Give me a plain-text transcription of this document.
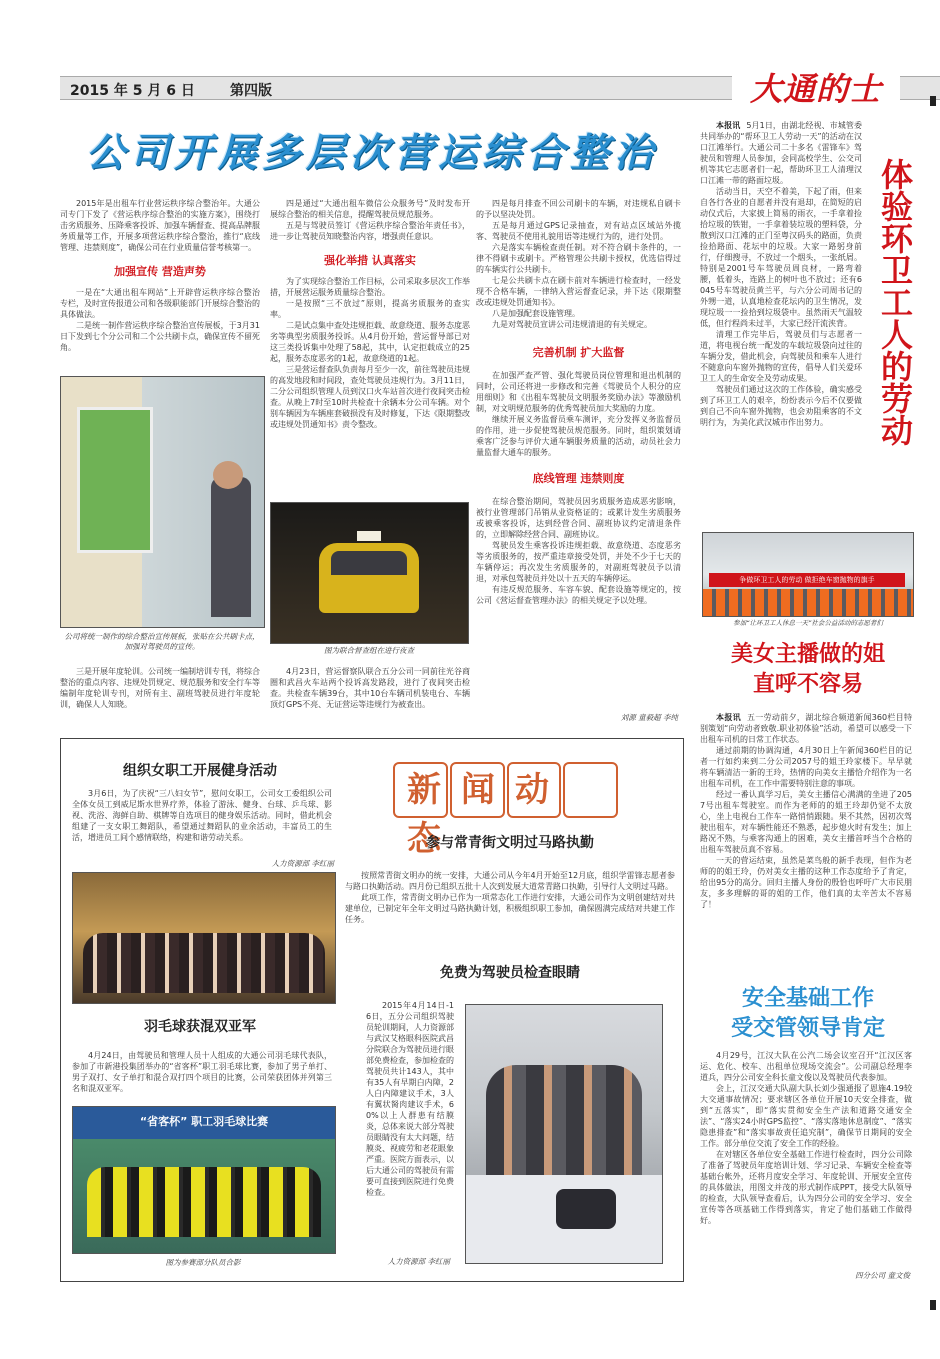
2015 年 5 月 6 日	第四版	大通的士
公司开展多层次营运综合整治

2015年是出租车行业营运秩序综合整治年。大通公司专门下发了《营运秩序综合整治的实施方案》，围绕打击劣质服务、压降乘客投诉、加强车辆督查、提高品牌服务质量等工作，开展多项营运秩序综合整治，推行“底线管理、违禁则度”，确保公司在行业质量信誉考核第一。

加强宣传 营造声势

一是在“大通出租车网站”上开辟营运秩序综合整治专栏，及时宣传报道公司和各级职能部门开展综合整治的具体做法。

二是统一制作营运秩序综合整治宣传展板，于3月31日下发到七个分公司和二个公共刷卡点，确保宣传不留死角。

公司将统一制作的综合整治宣传展板，张贴在公共刷卡点，加强对驾驶员的宣传。

三是开展年度轮训。公司统一编制培训专刊，将综合整治的重点内容、违规处罚规定、规范服务和安全行车等编制年度轮训专刊，对所有主、副班驾驶员进行年度轮训，确保人人知晓。

四是通过“大通出租车微信公众服务号”及时发布开展综合整治的相关信息，提醒驾驶员规范服务。

五是与驾驶员签订《营运秩序综合整治年责任书》，进一步让驾驶员知晓整治内容，增强责任意识。

强化举措 认真落实

为了实现综合整治工作目标，公司采取多层次工作举措，开展营运服务质量综合整治。

一是按照“三不放过”原则，提高劣质服务的查实率。

二是试点集中查处违规拒载、故意绕道、服务态度恶劣等典型劣质服务投诉。从4月份开始，营运督导部已对这三类投诉集中处理了58起，其中，认定拒载成立的25起，服务态度恶劣的1起，故意绕道的1起。

三是营运督查队负责每月至少一次，前往驾驶员违规的高发地段和时间段，查处驾驶员违规行为。3月11日，二分公司组织管理人员到汉口火车站首次进行夜间突击检查。从晚上7时至10时共检查十余辆本分公司车辆。对个别车辆因为车辆座套破损没有及时修复，下达《限期整改或违规处罚通知书》责令整改。

图为联合督查组在进行夜查

4月23日，营运督察队联合五分公司一同前往光谷商圈和武昌火车站两个投诉高发路段，进行了夜间突击检查。共检查车辆39台，其中10台车辆司机装电台、车辆顶灯GPS不亮、无证营运等违规行为被查出。

四是每月排查不回公司刷卡的车辆，对违规私自刷卡的予以坚决处罚。

五是每月通过GPS记录抽查，对有站点区域站外揽客、驾驶员不使用礼貌用语等违规行为的，进行处罚。

六是落实车辆检查责任制。对不符合刷卡条件的，一律不得刷卡或刷卡。严格管理公共刷卡授权，优选信得过的车辆实行公共刷卡。

七是公共刷卡点在刷卡前对车辆进行检查时，一经发现不合格车辆，一律纳入营运督查记录，并下达《限期整改或违规处罚通知书》。

八是加强配套设施管理。

九是对驾驶员宣讲公司违规清退的有关规定。

完善机制 扩大监督

在加强严查严管、强化驾驶员岗位管理和退出机制的同时，公司还将进一步修改和完善《驾驶员个人积分的应用细则》和《出租车驾驶员文明服务奖励办法》等激励机制，对文明规范服务的优秀驾驶员加大奖励的力度。

继续开展义务监督员乘车测评，充分发挥义务监督员的作用，进一步促使驾驶员规范服务。同时，组织策划请乘客广泛参与评价大通车辆服务质量的活动，动员社会力量监督大通车的服务。

底线管理 违禁则度

在综合整治期间，驾驶员因劣质服务造成恶劣影响，被行业管理部门吊销从业资格证的；或累计发生劣质服务或被乘客投诉，达到经营合同、副班协议约定清退条件的，立即解除经营合同、副班协议。

驾驶员发生乘客投诉违规拒载、故意绕道、态度恶劣等劣质服务的，按严重违章接受处罚，并处不少于七天的车辆停运；再次发生劣质服务的，对副班驾驶员予以清退，对承包驾驶员并处以十五天的车辆停运。

有违反规范服务、车容车貌、配套设施等规定的，按公司《营运督查管理办法》的相关规定予以处理。

刘源 童毅超 李纯

本报讯 5月1日，由湖北经视、市城管委共同举办的“帮环卫工人劳动一天”的活动在汉口江滩举行。大通公司二十多名《雷锋车》驾驶员和管理人员参加，会同高校学生、公交司机等其它志愿者们一起，帮助环卫工人清理汉口江滩一带的路面垃圾。

活动当日，天空不着美，下起了雨，但来自各行各业的自愿者并没有退却，在简短的启动仪式后，大家披上简易的雨衣，一手拿着捡拾垃圾的铁钳，一手拿着装垃圾的塑料袋，分散到汉口江滩的正门至粤汉码头的路面，负责捡拾路面、花坛中的垃圾。大家一路躬身前行，仔细搜寻，不放过一个烟头，一张纸屑。特别是2001号车驾驶员周良材，一路弯着腰，低着头，连路上的树叶也不放过；还有6045号车驾驶员黄兰平，与六分公司周书记的外甥一道，认真地检查花坛内的卫生情况，发现垃圾一一捡拾到垃圾袋中。虽然雨天气温较低，但行程尚未过半，大家已经汗流浃背。

清理工作完毕后，驾驶员们与志愿者一道，将电视台统一配发的车载垃圾袋向过往的车辆分发，借此机会，向驾驶员和乘车人进行不随意向车窗外抛物的宣传，倡导人们关爱环卫工人的生命安全及劳动成果。

驾驶员们通过这次的工作体验，确实感受到了环卫工人的艰辛，纷纷表示今后不仅要做到自己不向车窗外抛物，也会劝阻乘客的不文明行为，为美化武汉城市作出努力。	体验环卫工人的劳动
争做环卫工人的劳动 做拒绝车窗抛物的旗手
参加“让环卫工人休息一天”社会公益活动的志愿者们
美女主播做的姐
直呼不容易

本报讯 五一劳动前夕，湖北综合频道新闻360栏目特别策划“向劳动者致敬.职业初体验”活动，希望可以感受一下出租车司机的日常工作状态。

通过前期的协调沟通，4月30日上午新闻360栏目的记者一行如约来到二分公司2057号的姐王玲家楼下。早早就将车辆清洁一新的王玲，热情的向美女主播恰介绍作为一名出租车司机，在工作中需要特别注意的事项。

经过一番认真学习后，美女主播信心满满的坐进了2057号出租车驾驶室。而作为老师的的姐王玲却仍觉不太放心，坐上电视台工作车一路悄悄跟随。果不其然，因初次驾驶出租车，对车辆性能还不熟悉，起步熄火时有发生；加上路况不熟，与乘客沟通上的困难，美女主播首呼当个合格的出租车驾驶员真不容易。

一天的营运结束，虽然是菜鸟般的新手表现，但作为老师的的姐王玲，仍对美女主播的这种工作态度给予了肯定，给出95分的高分。回归主播人身份的殷恰也呼吁广大市民朋友，多多理解的哥的姐的工作，他们真的太辛苦太不容易了！

安全基础工作
受交管领导肯定

4月29号，江汉大队在公汽二场会议室召开“江汉区客运、危化、校车、出租单位现场交流会”。公司副总经理李道兵，四分公司安全科长童文俊以及驾驶员代表参加。

会上，江汉交通大队副大队长刘少强通报了恩施4.19较大交通事故情况；要求辖区各单位开展10天安全排查，做到“五落实”，即“落实贯彻安全生产法和道路交通安全法”、“落实24小时GPS监控”、“落实落地休息制度”、“落实隐患排查”和“落实事故责任追究制”，确保节日期间的安全工作。部分单位交流了安全工作的经验。

在对辖区各单位安全基础工作进行检查时，四分公司除了准备了驾驶员年度培训计划、学习记录、车辆安全检查等基础台帐外，还将月度安全学习、年度轮训、开展安全宣传的具体做法，用图文并茂的形式制作成PPT，接受大队领导的检查，大队领导查看后，认为四分公司的安全学习、安全宣传等各项基础工作得到落实，肯定了他们基础工作做得好。

四分公司 童文俊
组织女职工开展健身活动

3月6日，为了庆祝“三八妇女节”，慰问女职工，公司女工委组织公司全体女员工到威尼斯水世界疗养，体验了游泳、健身、台球、乒乓球、影视、洗浴、海鲜自助、棋牌等自选项目的健身娱乐活动。同时，借此机会组建了一支女职工舞蹈队，希望通过舞蹈队的业余活动，丰富员工的生活，增进员工间个感情联络，构建和谐劳动关系。

人力资源部 李红丽
羽毛球获混双亚军

4月24日，由驾驶员和管理人员十人组成的大通公司羽毛球代表队，参加了市新港投集团举办的“省客杯”职工羽毛球比赛，参加了男子单打、男子双打、女子单打和混合双打四个项目的比赛，公司荣获团体并列第三名和混双亚军。

“省客杯” 职工羽毛球比赛
图为参赛部分队员合影
新闻动态
参与常青街文明过马路执勤

按照常青街文明办的统一安排，大通公司从今年4月开始至12月底，组织学雷锋志愿者参与路口执勤活动。四月份已组织五批十人次到发展大道常青路口执勤，引导行人文明过马路。

此项工作，常青街文明办已作为一项常态化工作进行安排，大通公司作为文明创建结对共建单位，已制定年全年文明过马路执勤计划，积极组织职工参加，确保圆满完成结对共建工作任务。

免费为驾驶员检查眼睛

2015年4月14日-16日，五分公司组织驾驶员轮训期间，人力资源部与武汉艾格眼科医院武昌分院联合为驾驶员进行眼部免费检查，参加检查的驾驶员共计143人，其中有35人有早期白内障，2人白内障建议手术，3人有翼状胬肉建议手术，60%以上人群患有结膜炎，总体来说大部分驾驶员眼睛没有太大问题，结膜炎、视疲劳和老花眼象严重。医院方面表示，以后大通公司的驾驶员有需要可直接到医院进行免费检查。

人力资源部 李红丽
